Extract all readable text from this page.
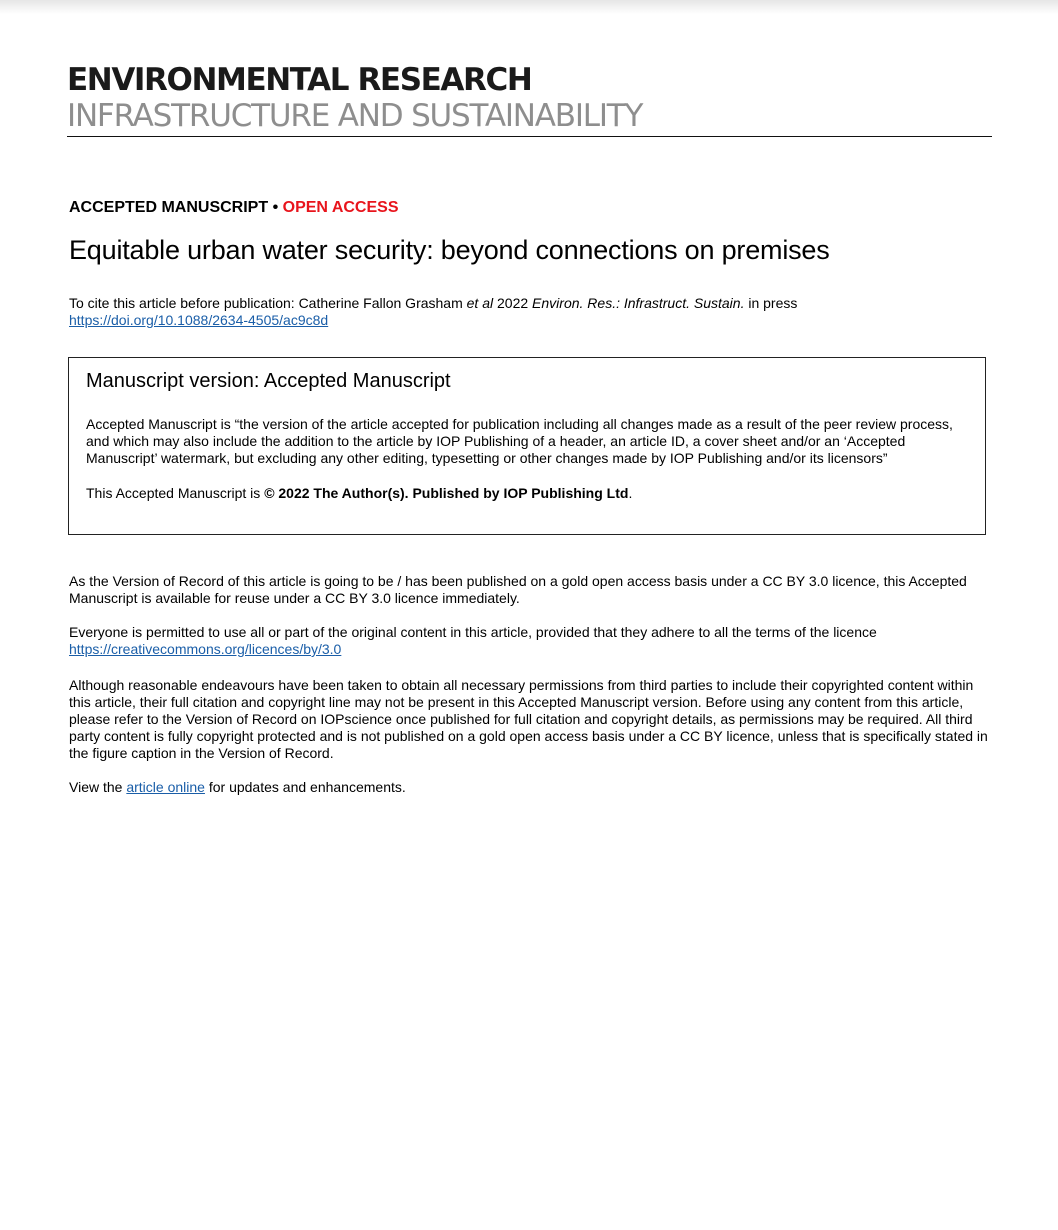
ENVIRONMENTAL RESEARCH
INFRASTRUCTURE AND SUSTAINABILITY
ACCEPTED MANUSCRIPT • OPEN ACCESS
Equitable urban water security: beyond connections on premises
To cite this article before publication: Catherine Fallon Grasham et al 2022 Environ. Res.: Infrastruct. Sustain. in press
https://doi.org/10.1088/2634-4505/ac9c8d
Manuscript version: Accepted Manuscript
Accepted Manuscript is “the version of the article accepted for publication including all changes made as a result of the peer review process, and which may also include the addition to the article by IOP Publishing of a header, an article ID, a cover sheet and/or an ‘Accepted Manuscript’ watermark, but excluding any other editing, typesetting or other changes made by IOP Publishing and/or its licensors”
This Accepted Manuscript is © 2022 The Author(s). Published by IOP Publishing Ltd.
As the Version of Record of this article is going to be / has been published on a gold open access basis under a CC BY 3.0 licence, this Accepted Manuscript is available for reuse under a CC BY 3.0 licence immediately.
Everyone is permitted to use all or part of the original content in this article, provided that they adhere to all the terms of the licence
https://creativecommons.org/licences/by/3.0
Although reasonable endeavours have been taken to obtain all necessary permissions from third parties to include their copyrighted content within this article, their full citation and copyright line may not be present in this Accepted Manuscript version. Before using any content from this article, please refer to the Version of Record on IOPscience once published for full citation and copyright details, as permissions may be required. All third party content is fully copyright protected and is not published on a gold open access basis under a CC BY licence, unless that is specifically stated in the figure caption in the Version of Record.
View the article online for updates and enhancements.
